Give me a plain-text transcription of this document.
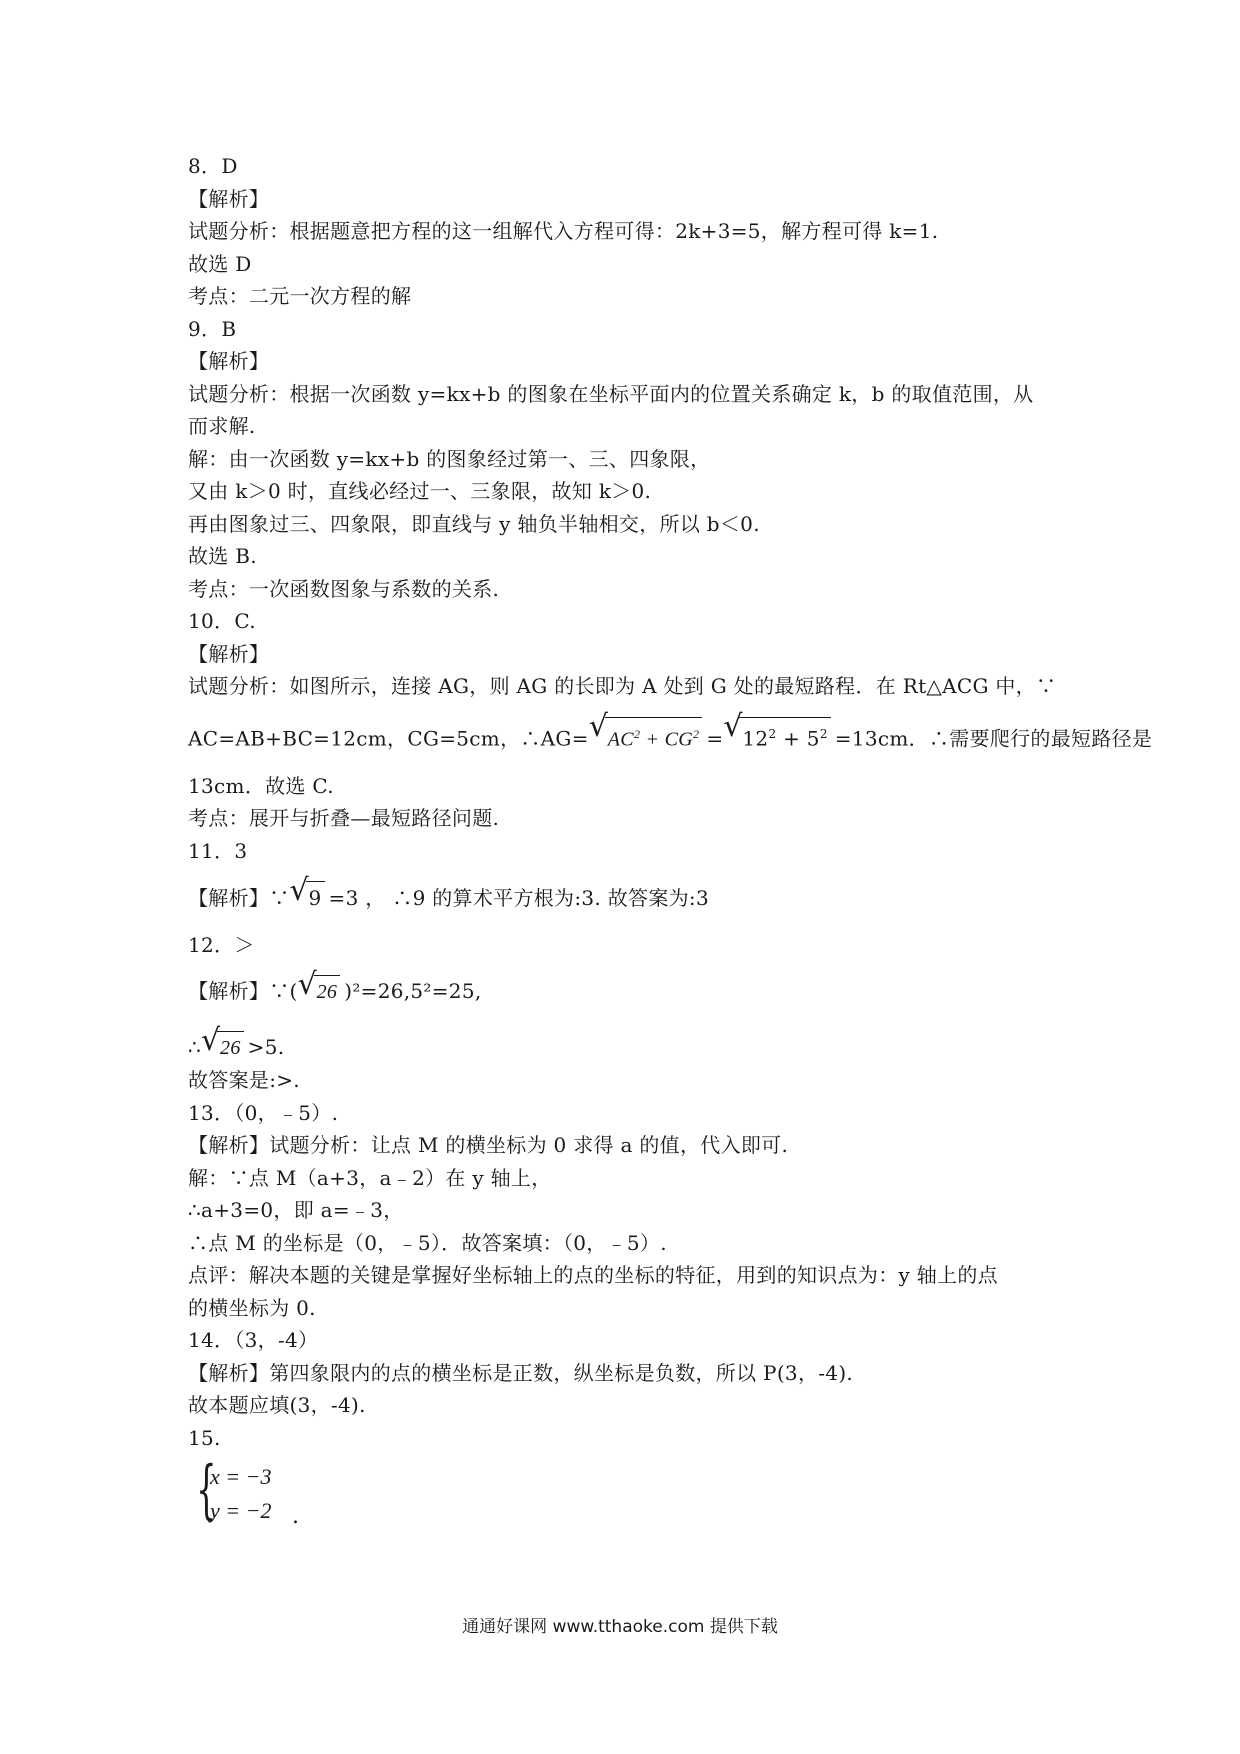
8．D
【解析】
试题分析：根据题意把方程的这一组解代入方程可得：2k+3=5，解方程可得 k=1.
故选 D
考点：二元一次方程的解
9．B
【解析】
试题分析：根据一次函数 y=kx+b 的图象在坐标平面内的位置关系确定 k，b 的取值范围，从
而求解.
解：由一次函数 y=kx+b 的图象经过第一、三、四象限，
又由 k＞0 时，直线必经过一、三象限，故知 k＞0.
再由图象过三、四象限，即直线与 y 轴负半轴相交，所以 b＜0.
故选 B.
考点：一次函数图象与系数的关系.
10．C.
【解析】
试题分析：如图所示，连接 AG，则 AG 的长即为 A 处到 G 处的最短路程．在 Rt△ACG 中，∵
AC=AB+BC=12cm，CG=5cm，∴AG= √ $AC^2 + CG^2$ = √ $12^2 + 5^2 =13cm$．∴需要爬行的最短路径是
13cm．故选 C.
考点：展开与折叠—最短路径问题.
11．3
【解析】∵ √ 9 =3 ， ∴9 的算术平方根为:3. 故答案为:3
12．＞
【解析】∵( √ 26 )²=26,5²=25,
∴ √ 26 >5.
故答案是:>.
13．（0，﹣5）.
【解析】试题分析：让点 M 的横坐标为 0 求得 a 的值，代入即可.
解：∵点 M（a+3，a﹣2）在 y 轴上，
∴a+3=0，即 a=﹣3，
∴点 M 的坐标是（0，﹣5）．故答案填：（0，﹣5）.
点评：解决本题的关键是掌握好坐标轴上的点的坐标的特征，用到的知识点为：y 轴上的点
的横坐标为 0.
14．（3，-4）
【解析】第四象限内的点的横坐标是正数，纵坐标是负数，所以 P(3，-4).
故本题应填(3，-4).
15.
{
x = −3
y = −2 .
通通好课网 www.tthaoke.com 提供下载
